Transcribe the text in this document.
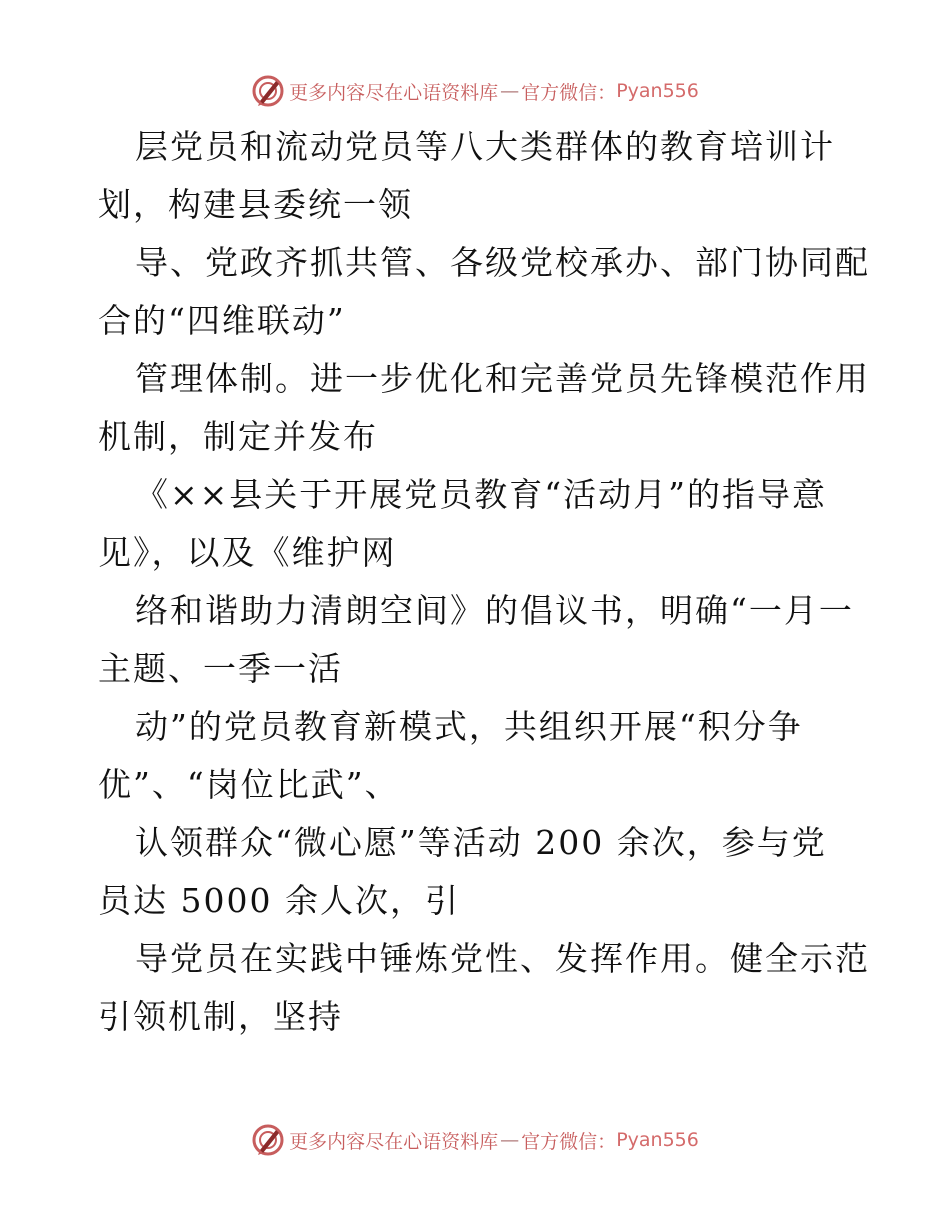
更多内容尽在心语资料库 — 官方微信： Pyan556

层党员和流动党员等八大类群体的教育培训计

划，构建县委统一领

导、党政齐抓共管、各级党校承办、部门协同配

合的“四维联动”

管理体制。进一步优化和完善党员先锋模范作用

机制，制定并发布

《××县关于开展党员教育“活动月”的指导意

见》，以及《维护网

络和谐助力清朗空间》的倡议书，明确“一月一

主题、一季一活

动”的党员教育新模式，共组织开展“积分争

优”、“岗位比武”、

认领群众“微心愿”等活动 200 余次，参与党

员达 5000 余人次，引

导党员在实践中锤炼党性、发挥作用。健全示范

引领机制，坚持

更多内容尽在心语资料库 — 官方微信： Pyan556
